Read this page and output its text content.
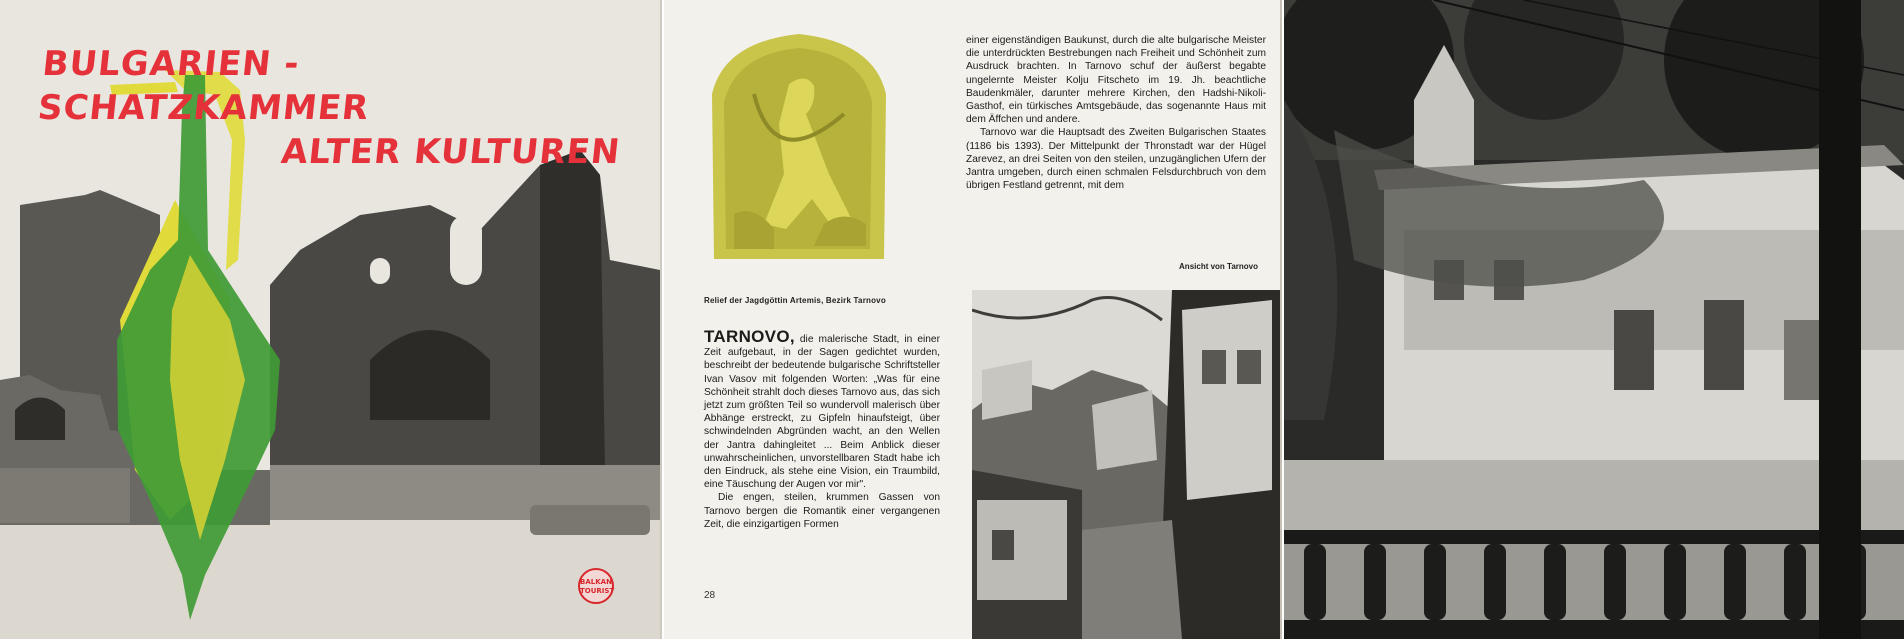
BULGARIEN - SCHATZKAMMER
ALTER KULTUREN
BALKAN TOURIST
Relief der Jagdgöttin Artemis, Bezirk Tarnovo

einer eigenständigen Baukunst, durch die alte bulgarische Meister die unterdrückten Bestrebungen nach Freiheit und Schönheit zum Ausdruck brachten. In Tarnovo schuf der äußerst begabte ungelernte Meister Kolju Fitscheto im 19. Jh. beachtliche Baudenkmäler, darunter mehrere Kirchen, den Hadshi-Nikoli-Gasthof, ein türkisches Amtsgebäude, das sogenannte Haus mit dem Äffchen und andere.

Tarnovo war die Hauptsadt des Zweiten Bulgarischen Staates (1186 bis 1393). Der Mittelpunkt der Thronstadt war der Hügel Zarevez, an drei Seiten von den steilen, unzugänglichen Ufern der Jantra umgeben, durch einen schmalen Felsdurchbruch von dem übrigen Festland getrennt, mit dem

Ansicht von Tarnovo

TARNOVO, die malerische Stadt, in einer Zeit aufgebaut, in der Sagen gedichtet wurden, beschreibt der bedeutende bulgarische Schriftsteller Ivan Vasov mit folgenden Worten: „Was für eine Schönheit strahlt doch dieses Tarnovo aus, das sich jetzt zum größten Teil so wundervoll malerisch über Abhänge erstreckt, zu Gipfeln hinaufsteigt, über schwindelnden Abgründen wacht, an den Wellen der Jantra dahingleitet ... Beim Anblick dieser unwahrscheinlichen, unvorstellbaren Stadt habe ich den Eindruck, als stehe eine Vision, ein Traumbild, eine Täuschung der Augen vor mir".

Die engen, steilen, krummen Gassen von Tarnovo bergen die Romantik einer vergangenen Zeit, die einzigartigen Formen

28
